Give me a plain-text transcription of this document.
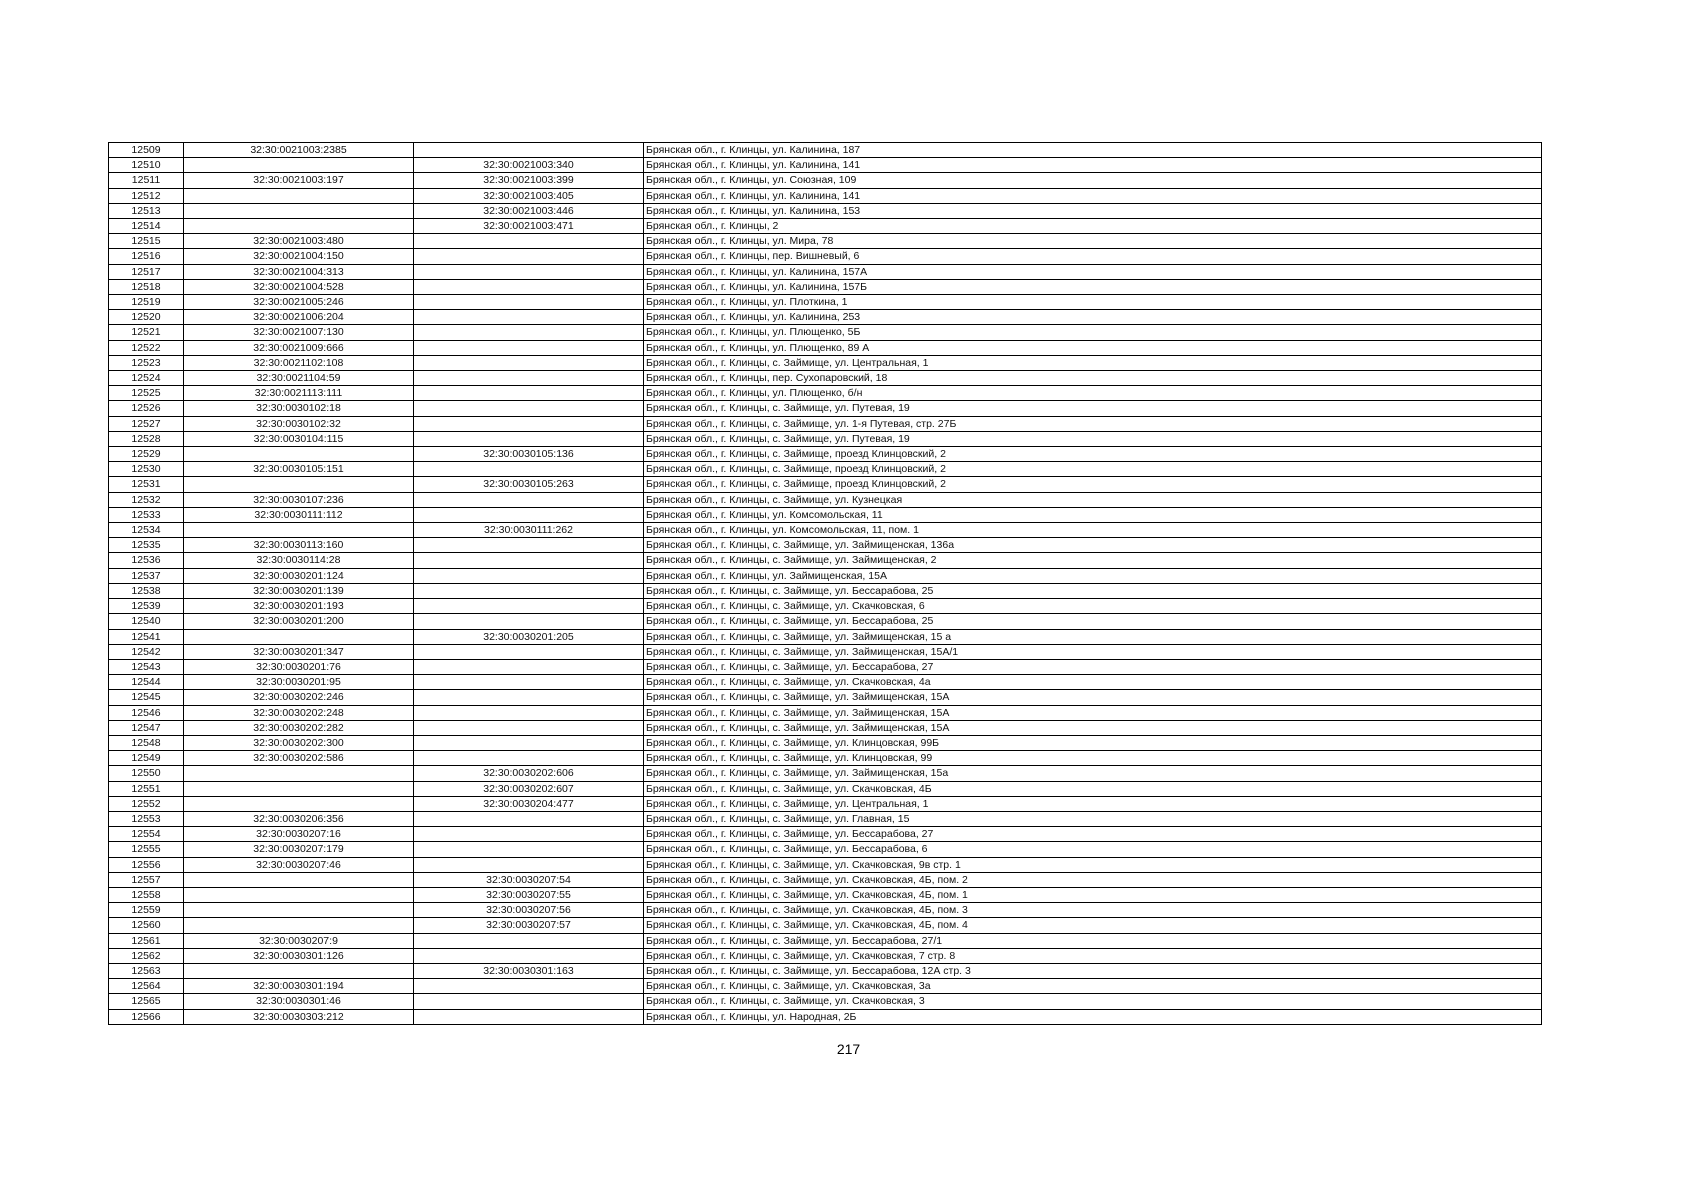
12509	32:30:0021003:2385		Брянская обл., г. Клинцы, ул. Калинина, 187
12510		32:30:0021003:340	Брянская обл., г. Клинцы, ул. Калинина, 141
12511	32:30:0021003:197	32:30:0021003:399	Брянская обл., г. Клинцы, ул. Союзная, 109
12512		32:30:0021003:405	Брянская обл., г. Клинцы, ул. Калинина, 141
12513		32:30:0021003:446	Брянская обл., г. Клинцы, ул. Калинина, 153
12514		32:30:0021003:471	Брянская обл., г. Клинцы, 2
12515	32:30:0021003:480		Брянская обл., г. Клинцы, ул. Мира, 78
12516	32:30:0021004:150		Брянская обл., г. Клинцы, пер. Вишневый, 6
12517	32:30:0021004:313		Брянская обл., г. Клинцы, ул. Калинина, 157А
12518	32:30:0021004:528		Брянская обл., г. Клинцы, ул. Калинина, 157Б
12519	32:30:0021005:246		Брянская обл., г. Клинцы, ул. Плоткина, 1
12520	32:30:0021006:204		Брянская обл., г. Клинцы, ул. Калинина, 253
12521	32:30:0021007:130		Брянская обл., г. Клинцы, ул. Плющенко, 5Б
12522	32:30:0021009:666		Брянская обл., г. Клинцы, ул. Плющенко, 89 А
12523	32:30:0021102:108		Брянская обл., г. Клинцы, с. Займище, ул. Центральная, 1
12524	32:30:0021104:59		Брянская обл., г. Клинцы, пер. Сухопаровский, 18
12525	32:30:0021113:111		Брянская обл., г. Клинцы, ул. Плющенко, б/н
12526	32:30:0030102:18		Брянская обл., г. Клинцы, с. Займище, ул. Путевая, 19
12527	32:30:0030102:32		Брянская обл., г. Клинцы, с. Займище, ул. 1-я Путевая, стр. 27Б
12528	32:30:0030104:115		Брянская обл., г. Клинцы, с. Займище, ул. Путевая, 19
12529		32:30:0030105:136	Брянская обл., г. Клинцы, с. Займище, проезд Клинцовский, 2
12530	32:30:0030105:151		Брянская обл., г. Клинцы, с. Займище, проезд Клинцовский, 2
12531		32:30:0030105:263	Брянская обл., г. Клинцы, с. Займище, проезд Клинцовский, 2
12532	32:30:0030107:236		Брянская обл., г. Клинцы, с. Займище, ул. Кузнецкая
12533	32:30:0030111:112		Брянская обл., г. Клинцы, ул. Комсомольская, 11
12534		32:30:0030111:262	Брянская обл., г. Клинцы, ул. Комсомольская, 11, пом. 1
12535	32:30:0030113:160		Брянская обл., г. Клинцы, с. Займище, ул. Займищенская, 136а
12536	32:30:0030114:28		Брянская обл., г. Клинцы, с. Займище, ул. Займищенская, 2
12537	32:30:0030201:124		Брянская обл., г. Клинцы, ул. Займищенская, 15А
12538	32:30:0030201:139		Брянская обл., г. Клинцы, с. Займище, ул. Бессарабова, 25
12539	32:30:0030201:193		Брянская обл., г. Клинцы, с. Займище, ул. Скачковская, 6
12540	32:30:0030201:200		Брянская обл., г. Клинцы, с. Займище, ул. Бессарабова, 25
12541		32:30:0030201:205	Брянская обл., г. Клинцы, с. Займище, ул. Займищенская, 15 а
12542	32:30:0030201:347		Брянская обл., г. Клинцы, с. Займище, ул. Займищенская, 15А/1
12543	32:30:0030201:76		Брянская обл., г. Клинцы, с. Займище, ул. Бессарабова, 27
12544	32:30:0030201:95		Брянская обл., г. Клинцы, с. Займище, ул. Скачковская, 4а
12545	32:30:0030202:246		Брянская обл., г. Клинцы, с. Займище, ул. Займищенская, 15А
12546	32:30:0030202:248		Брянская обл., г. Клинцы, с. Займище, ул. Займищенская, 15А
12547	32:30:0030202:282		Брянская обл., г. Клинцы, с. Займище, ул. Займищенская, 15А
12548	32:30:0030202:300		Брянская обл., г. Клинцы, с. Займище, ул. Клинцовская, 99Б
12549	32:30:0030202:586		Брянская обл., г. Клинцы, с. Займище, ул. Клинцовская, 99
12550		32:30:0030202:606	Брянская обл., г. Клинцы, с. Займище, ул. Займищенская, 15а
12551		32:30:0030202:607	Брянская обл., г. Клинцы, с. Займище, ул. Скачковская, 4Б
12552		32:30:0030204:477	Брянская обл., г. Клинцы, с. Займище, ул. Центральная, 1
12553	32:30:0030206:356		Брянская обл., г. Клинцы, с. Займище, ул. Главная, 15
12554	32:30:0030207:16		Брянская обл., г. Клинцы, с. Займище, ул. Бессарабова, 27
12555	32:30:0030207:179		Брянская обл., г. Клинцы, с. Займище, ул. Бессарабова, 6
12556	32:30:0030207:46		Брянская обл., г. Клинцы, с. Займище, ул. Скачковская, 9в стр. 1
12557		32:30:0030207:54	Брянская обл., г. Клинцы, с. Займище, ул. Скачковская, 4Б, пом. 2
12558		32:30:0030207:55	Брянская обл., г. Клинцы, с. Займище, ул. Скачковская, 4Б, пом. 1
12559		32:30:0030207:56	Брянская обл., г. Клинцы, с. Займище, ул. Скачковская, 4Б, пом. 3
12560		32:30:0030207:57	Брянская обл., г. Клинцы, с. Займище, ул. Скачковская, 4Б, пом. 4
12561	32:30:0030207:9		Брянская обл., г. Клинцы, с. Займище, ул. Бессарабова, 27/1
12562	32:30:0030301:126		Брянская обл., г. Клинцы, с. Займище, ул. Скачковская, 7 стр. 8
12563		32:30:0030301:163	Брянская обл., г. Клинцы, с. Займище, ул. Бессарабова, 12А стр. 3
12564	32:30:0030301:194		Брянская обл., г. Клинцы, с. Займище, ул. Скачковская, 3а
12565	32:30:0030301:46		Брянская обл., г. Клинцы, с. Займище, ул. Скачковская, 3
12566	32:30:0030303:212		Брянская обл., г. Клинцы, ул. Народная, 2Б
217
